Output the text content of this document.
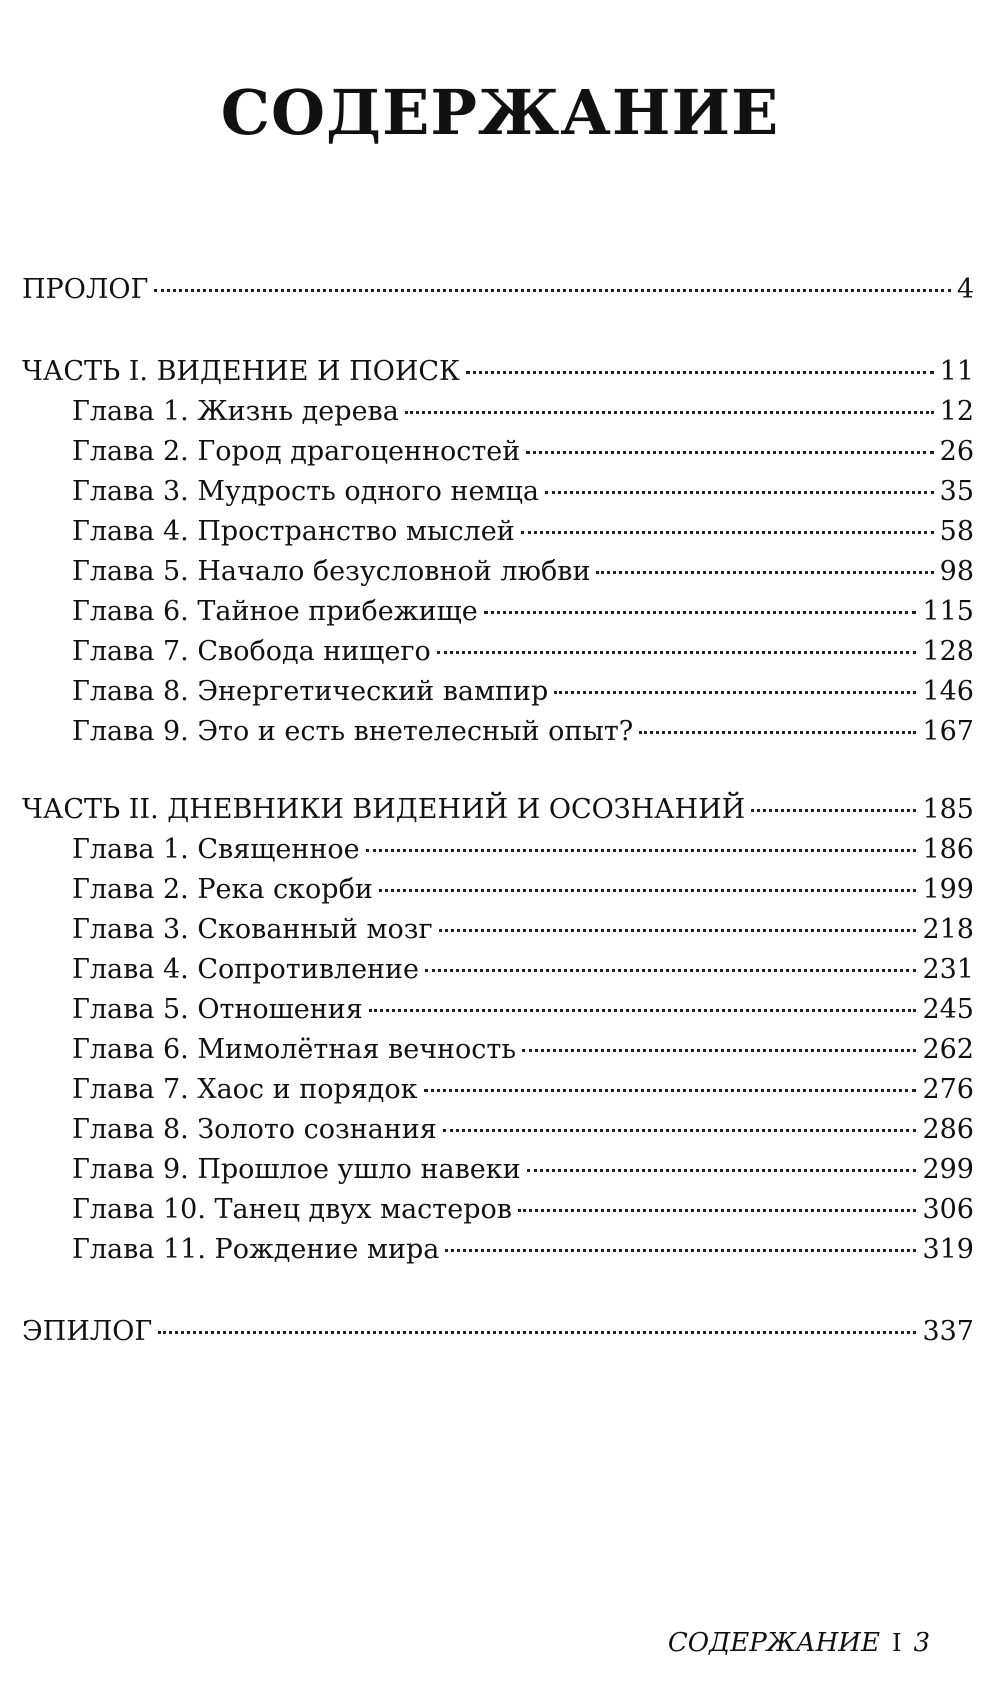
СОДЕРЖАНИЕ
ПРОЛОГ	4
ЧАСТЬ I. ВИДЕНИЕ И ПОИСК	11
Глава 1. Жизнь дерева	12
Глава 2. Город драгоценностей	26
Глава 3. Мудрость одного немца	35
Глава 4. Пространство мыслей	58
Глава 5. Начало безусловной любви	98
Глава 6. Тайное прибежище	115
Глава 7. Свобода нищего	128
Глава 8. Энергетический вампир	146
Глава 9. Это и есть внетелесный опыт?	167
ЧАСТЬ II. ДНЕВНИКИ ВИДЕНИЙ И ОСОЗНАНИЙ	185
Глава 1. Священное	186
Глава 2. Река скорби	199
Глава 3. Скованный мозг	218
Глава 4. Сопротивление	231
Глава 5. Отношения	245
Глава 6. Мимолётная вечность	262
Глава 7. Хаос и порядок	276
Глава 8. Золото сознания	286
Глава 9. Прошлое ушло навеки	299
Глава 10. Танец двух мастеров	306
Глава 11. Рождение мира	319
ЭПИЛОГ	337
СОДЕРЖАНИЕ I 3
